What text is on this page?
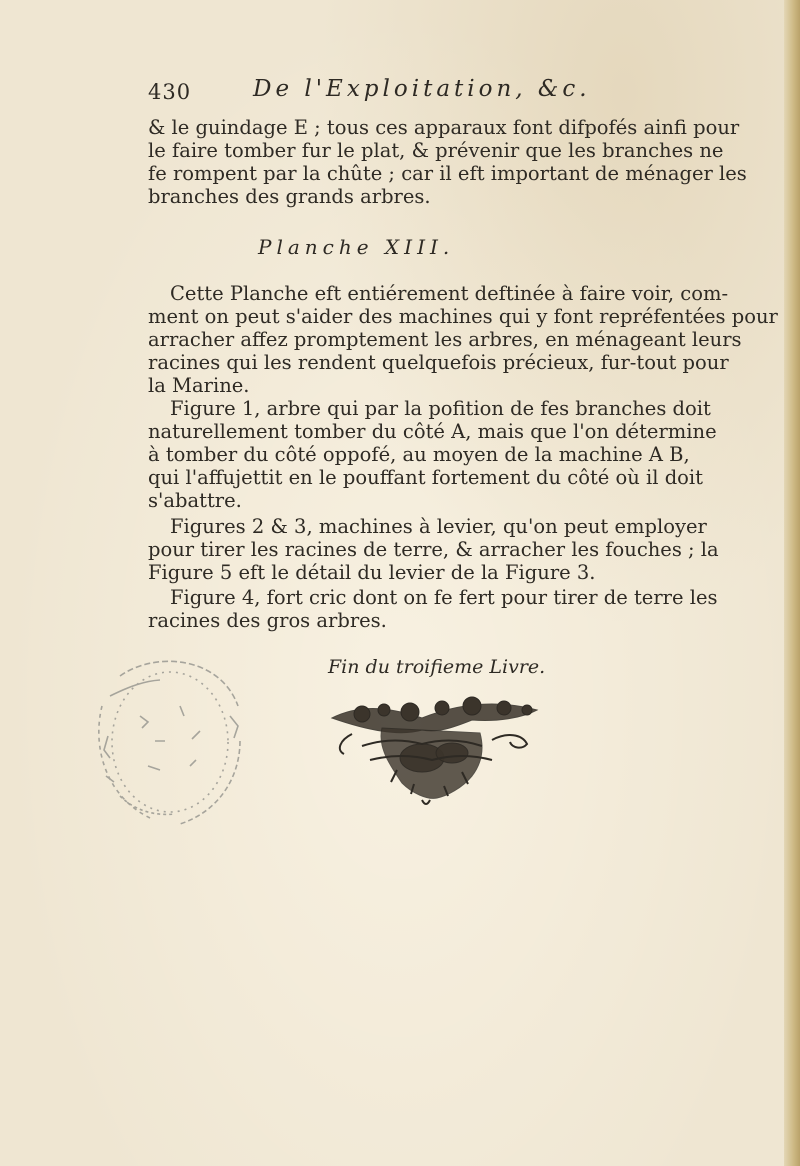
430	De l'Exploitation, &c.
& le guindage E ; tous ces apparaux font difpofés ainfi pour
le faire tomber fur le plat, & prévenir que les branches ne
fe rompent par la chûte ; car il eft important de ménager les
branches des grands arbres.
Planche XIII.
Cette Planche eft entiérement deftinée à faire voir, com-
ment on peut s'aider des machines qui y font repréfentées pour
arracher affez promptement les arbres, en ménageant leurs
racines qui les rendent quelquefois précieux, fur-tout pour
la Marine.
Figure 1, arbre qui par la pofition de fes branches doit
naturellement tomber du côté A, mais que l'on détermine
à tomber du côté oppofé, au moyen de la machine A B,
qui l'affujettit en le pouffant fortement du côté où il doit
s'abattre.
Figures 2 & 3, machines à levier, qu'on peut employer
pour tirer les racines de terre, & arracher les fouches ; la
Figure 5 eft le détail du levier de la Figure 3.
Figure 4, fort cric dont on fe fert pour tirer de terre les
racines des gros arbres.
Fin du troifieme Livre.
